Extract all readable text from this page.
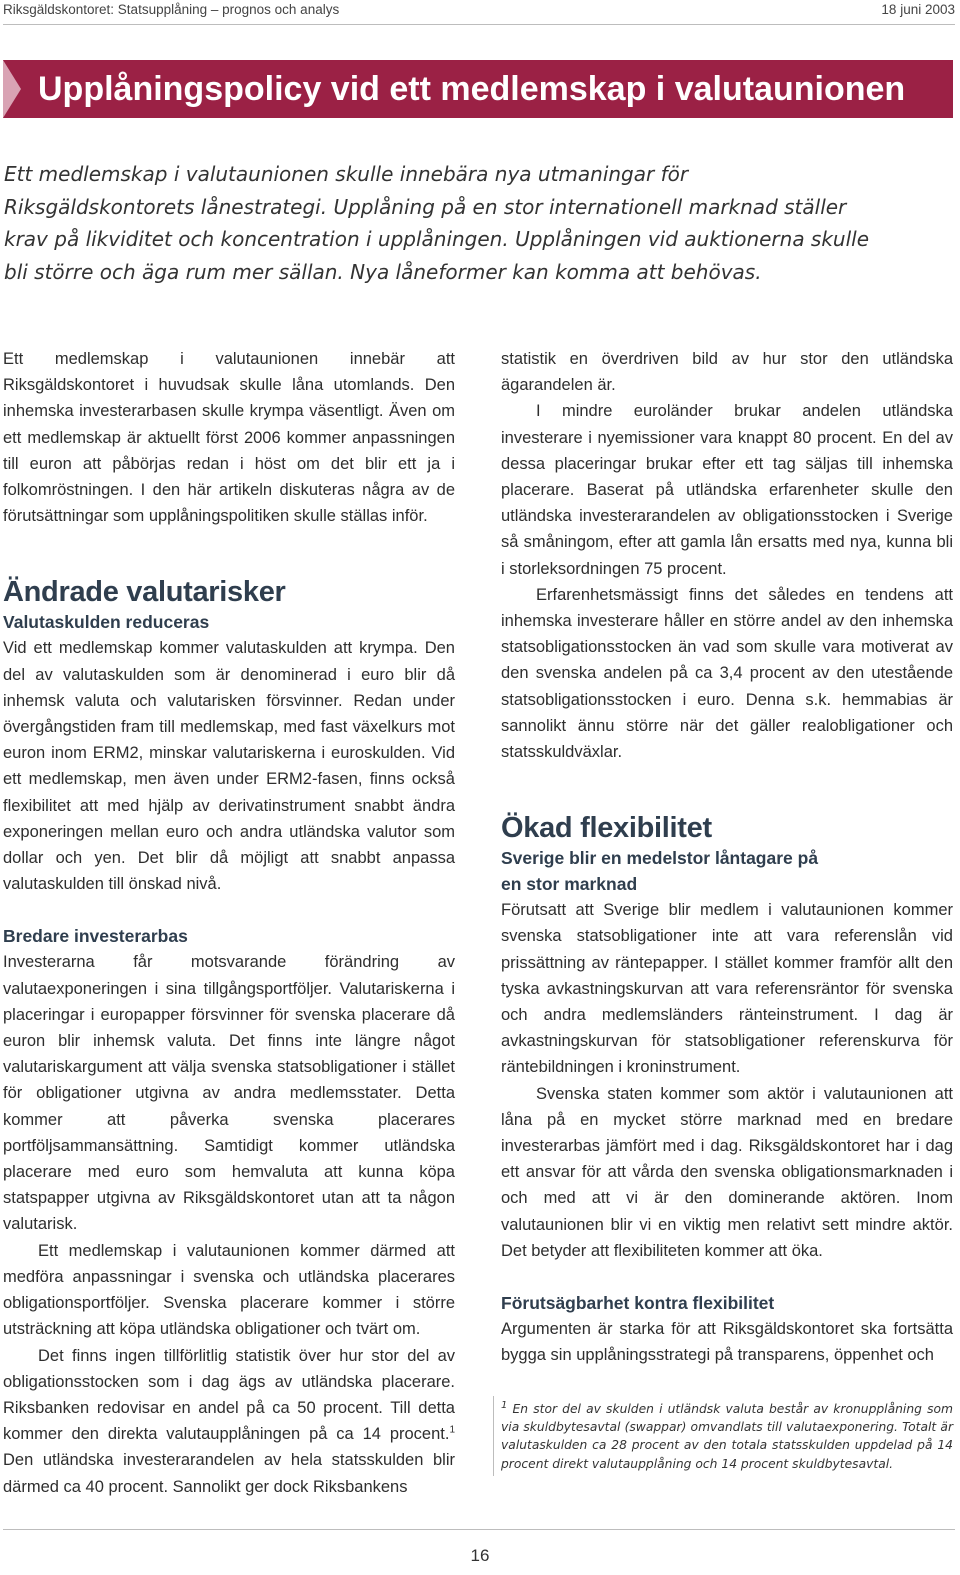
Riksgäldskontoret: Statsupplåning – prognos och analys	18 juni 2003
Upplåningspolicy vid ett medlemskap i valutaunionen

Ett medlemskap i valutaunionen skulle innebära nya utmaningar för Riksgäldskontorets lånestrategi. Upplåning på en stor internationell marknad ställer krav på likviditet och koncentration i upplåningen. Upplåningen vid auktionerna skulle bli större och äga rum mer sällan. Nya låneformer kan komma att behövas.

Ett medlemskap i valutaunionen innebär att Riksgäldskontoret i huvudsak skulle låna utomlands. Den inhemska investerarbasen skulle krympa väsentligt. Även om ett medlemskap är aktuellt först 2006 kommer anpassningen till euron att påbörjas redan i höst om det blir ett ja i folkomröstningen. I den här artikeln diskuteras några av de förutsättningar som upplåningspolitiken skulle ställas inför.

Ändrade valutarisker
Valutaskulden reduceras

Vid ett medlemskap kommer valutaskulden att krympa. Den del av valutaskulden som är denominerad i euro blir då inhemsk valuta och valutarisken försvinner. Redan under övergångstiden fram till medlemskap, med fast växelkurs mot euron inom ERM2, minskar valutariskerna i euroskulden. Vid ett medlemskap, men även under ERM2-fasen, finns också flexibilitet att med hjälp av derivatinstrument snabbt ändra exponeringen mellan euro och andra utländska valutor som dollar och yen. Det blir då möjligt att snabbt anpassa valutaskulden till önskad nivå.

Bredare investerarbas

Investerarna får motsvarande förändring av valutaexponeringen i sina tillgångsportföljer. Valutariskerna i placeringar i europapper försvinner för svenska placerare då euron blir inhemsk valuta. Det finns inte längre något valutariskargument att välja svenska statsobligationer i stället för obligationer utgivna av andra medlemsstater. Detta kommer att påverka svenska placerares portföljsammansättning. Samtidigt kommer utländska placerare med euro som hemvaluta att kunna köpa statspapper utgivna av Riksgäldskontoret utan att ta någon valutarisk.

Ett medlemskap i valutaunionen kommer därmed att medföra anpassningar i svenska och utländska placerares obligationsportföljer. Svenska placerare kommer i större utsträckning att köpa utländska obligationer och tvärt om.

Det finns ingen tillförlitlig statistik över hur stor del av obligationsstocken som i dag ägs av utländska placerare. Riksbanken redovisar en andel på ca 50 procent. Till detta kommer den direkta valutaupplåningen på ca 14 procent.$^1$ Den utländska investerarandelen av hela statsskulden blir därmed ca 40 procent. Sannolikt ger dock Riksbankens

statistik en överdriven bild av hur stor den utländska ägarandelen är.

I mindre euroländer brukar andelen utländska investerare i nyemissioner vara knappt 80 procent. En del av dessa placeringar brukar efter ett tag säljas till inhemska placerare. Baserat på utländska erfarenheter skulle den utländska investerarandelen av obligationsstocken i Sverige så småningom, efter att gamla lån ersatts med nya, kunna bli i storleksordningen 75 procent.

Erfarenhetsmässigt finns det således en tendens att inhemska investerare håller en större andel av den inhemska statsobligationsstocken än vad som skulle vara motiverat av den svenska andelen på ca 3,4 procent av den utestående statsobligationsstocken i euro. Denna s.k. hemmabias är sannolikt ännu större när det gäller realobligationer och statsskuldväxlar.

Ökad flexibilitet
Sverige blir en medelstor låntagare på en stor marknad

Förutsatt att Sverige blir medlem i valutaunionen kommer svenska statsobligationer inte att vara referenslån vid prissättning av räntepapper. I stället kommer framför allt den tyska avkastningskurvan att vara referensräntor för svenska och andra medlemsländers ränteinstrument. I dag är avkastningskurvan för statsobligationer referenskurva för räntebildningen i kroninstrument.

Svenska staten kommer som aktör i valutaunionen att låna på en mycket större marknad med en bredare investerarbas jämfört med i dag. Riksgäldskontoret har i dag ett ansvar för att vårda den svenska obligationsmarknaden i och med att vi är den dominerande aktören. Inom valutaunionen blir vi en viktig men relativt sett mindre aktör. Det betyder att flexibiliteten kommer att öka.

Förutsägbarhet kontra flexibilitet

Argumenten är starka för att Riksgäldskontoret ska fortsätta bygga sin upplåningsstrategi på transparens, öppenhet och

$^1$ En stor del av skulden i utländsk valuta består av kronupplåning som via skuldbytesavtal (swappar) omvandlats till valutaexponering. Totalt är valutaskulden ca 28 procent av den totala statsskulden uppdelad på 14 procent direkt valutaupplåning och 14 procent skuldbytesavtal.

16
